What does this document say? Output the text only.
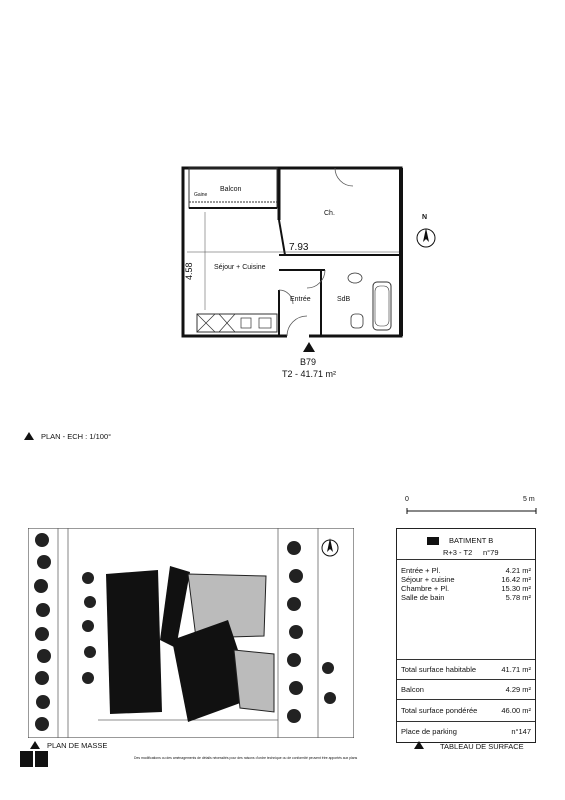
Balcon
Gaine
Ch.
7.93
4.58	Séjour + Cuisine
Entrée	SdB
B79
T2 - 41.71 m²
N
PLAN - ECH : 1/100°
0	5 m
PLAN DE MASSE
Des modifications ou des aménagements de détails nécessités pour des raisons d'ordre technique ou de conformité peuvent être apportés aux plans
BATIMENT B
R+3 - T2 n°79
Entrée + Pl.	4.21 m²
Séjour + cuisine	16.42 m²
Chambre + Pl.	15.30 m²
Salle de bain	5.78 m²
Total surface habitable	41.71 m²
Balcon	4.29 m²
Total surface pondérée	46.00 m²
Place de parking	n°147
TABLEAU DE SURFACE
